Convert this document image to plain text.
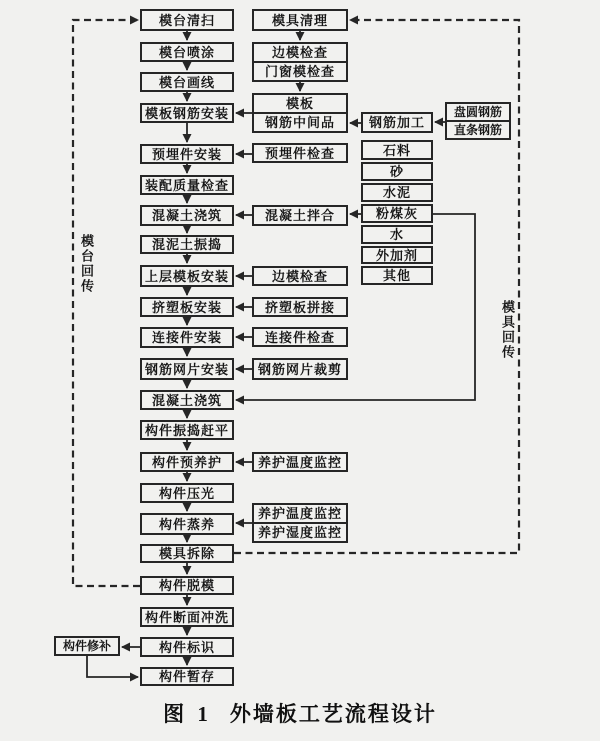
模台清扫
模台喷涂
模台画线
模板钢筋安装
预埋件安装
装配质量检查
混凝土浇筑
混泥土振捣
上层模板安装
挤塑板安装
连接件安装
钢筋网片安装
混凝土浇筑
构件振捣赶平
构件预养护
构件压光
构件蒸养
模具拆除
构件脱模
构件断面冲洗
构件标识
构件暂存
模具清理
边模检查
门窗模检查
模板
钢筋中间品
预埋件检查
混凝土拌合
边模检查
挤塑板拼接
连接件检查
钢筋网片裁剪
养护温度监控
养护温度监控
养护湿度监控
钢筋加工
石料
砂
水泥
粉煤灰
水
外加剂
其他
盘圆钢筋
直条钢筋
构件修补
模台回传
模具回传
图 1 外墙板工艺流程设计
